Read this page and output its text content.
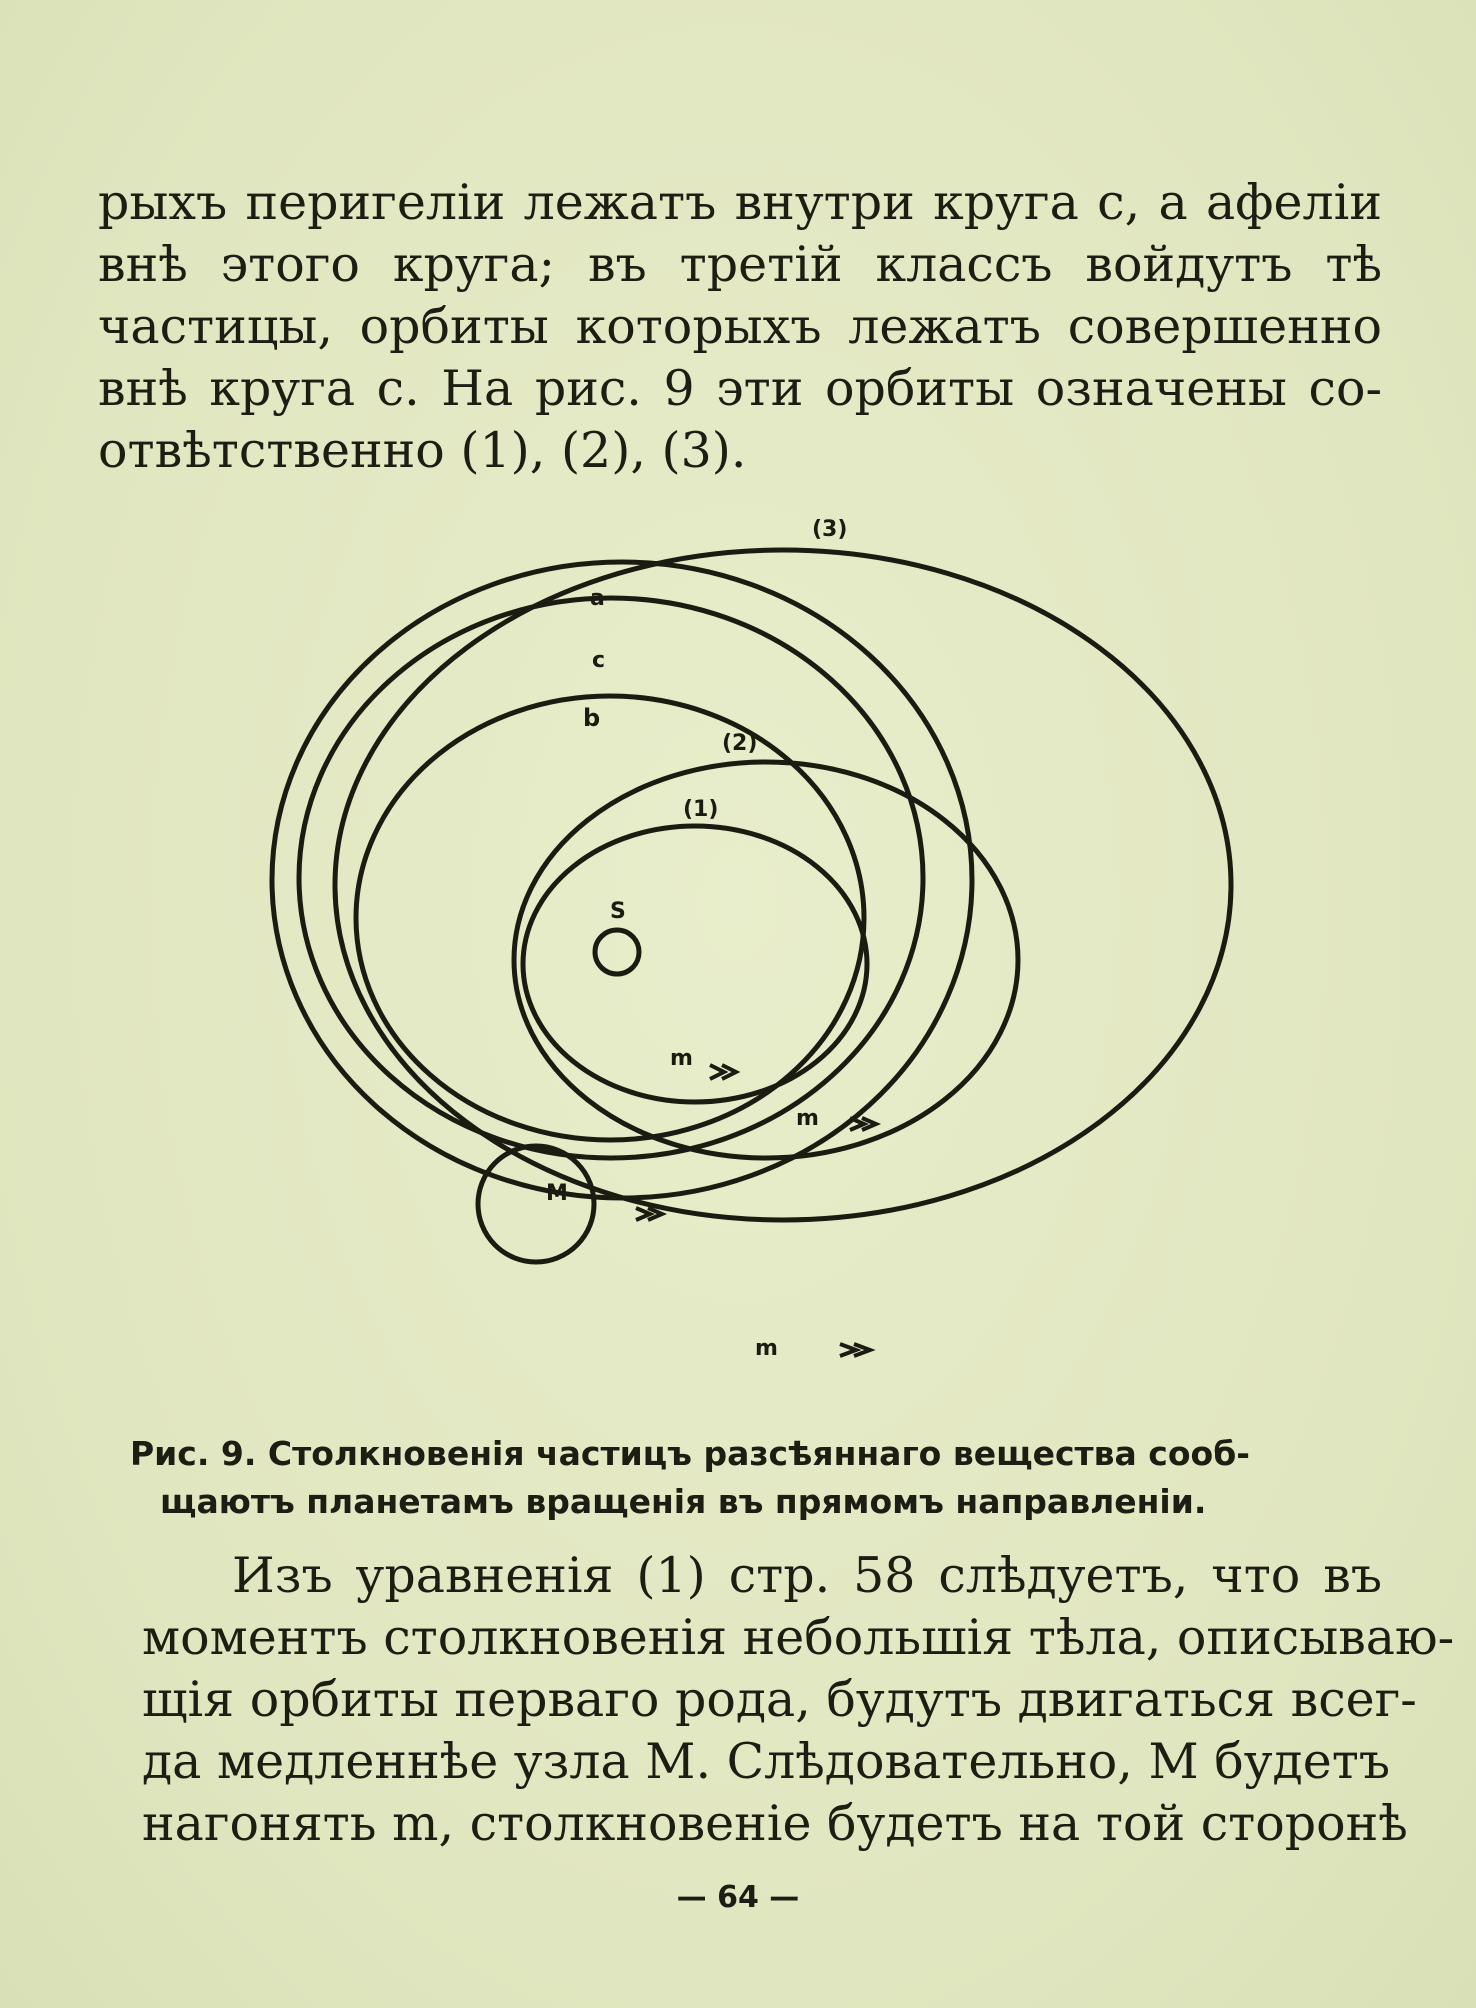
рыхъ перигеліи лежатъ внутри круга c, а афеліи
внѣ этого круга; въ третій классъ войдутъ тѣ
частицы, орбиты которыхъ лежатъ совершенно
внѣ круга c. На рис. 9 эти орбиты означены со-
отвѣтственно (1), (2), (3).
(3)
a
c
b
(2)
(1)
S
M
m
m
m
Рис. 9. Столкновенія частицъ разсѣяннаго вещества сооб-
щаютъ планетамъ вращенія въ прямомъ направленіи.
Изъ уравненія (1) стр. 58 слѣдуетъ, что въ
моментъ столкновенія небольшія тѣла, описываю-
щія орбиты перваго рода, будутъ двигаться всег-
да медленнѣе узла M. Слѣдовательно, M будетъ
нагонять m, столкновеніе будетъ на той сторонѣ
— 64 —
